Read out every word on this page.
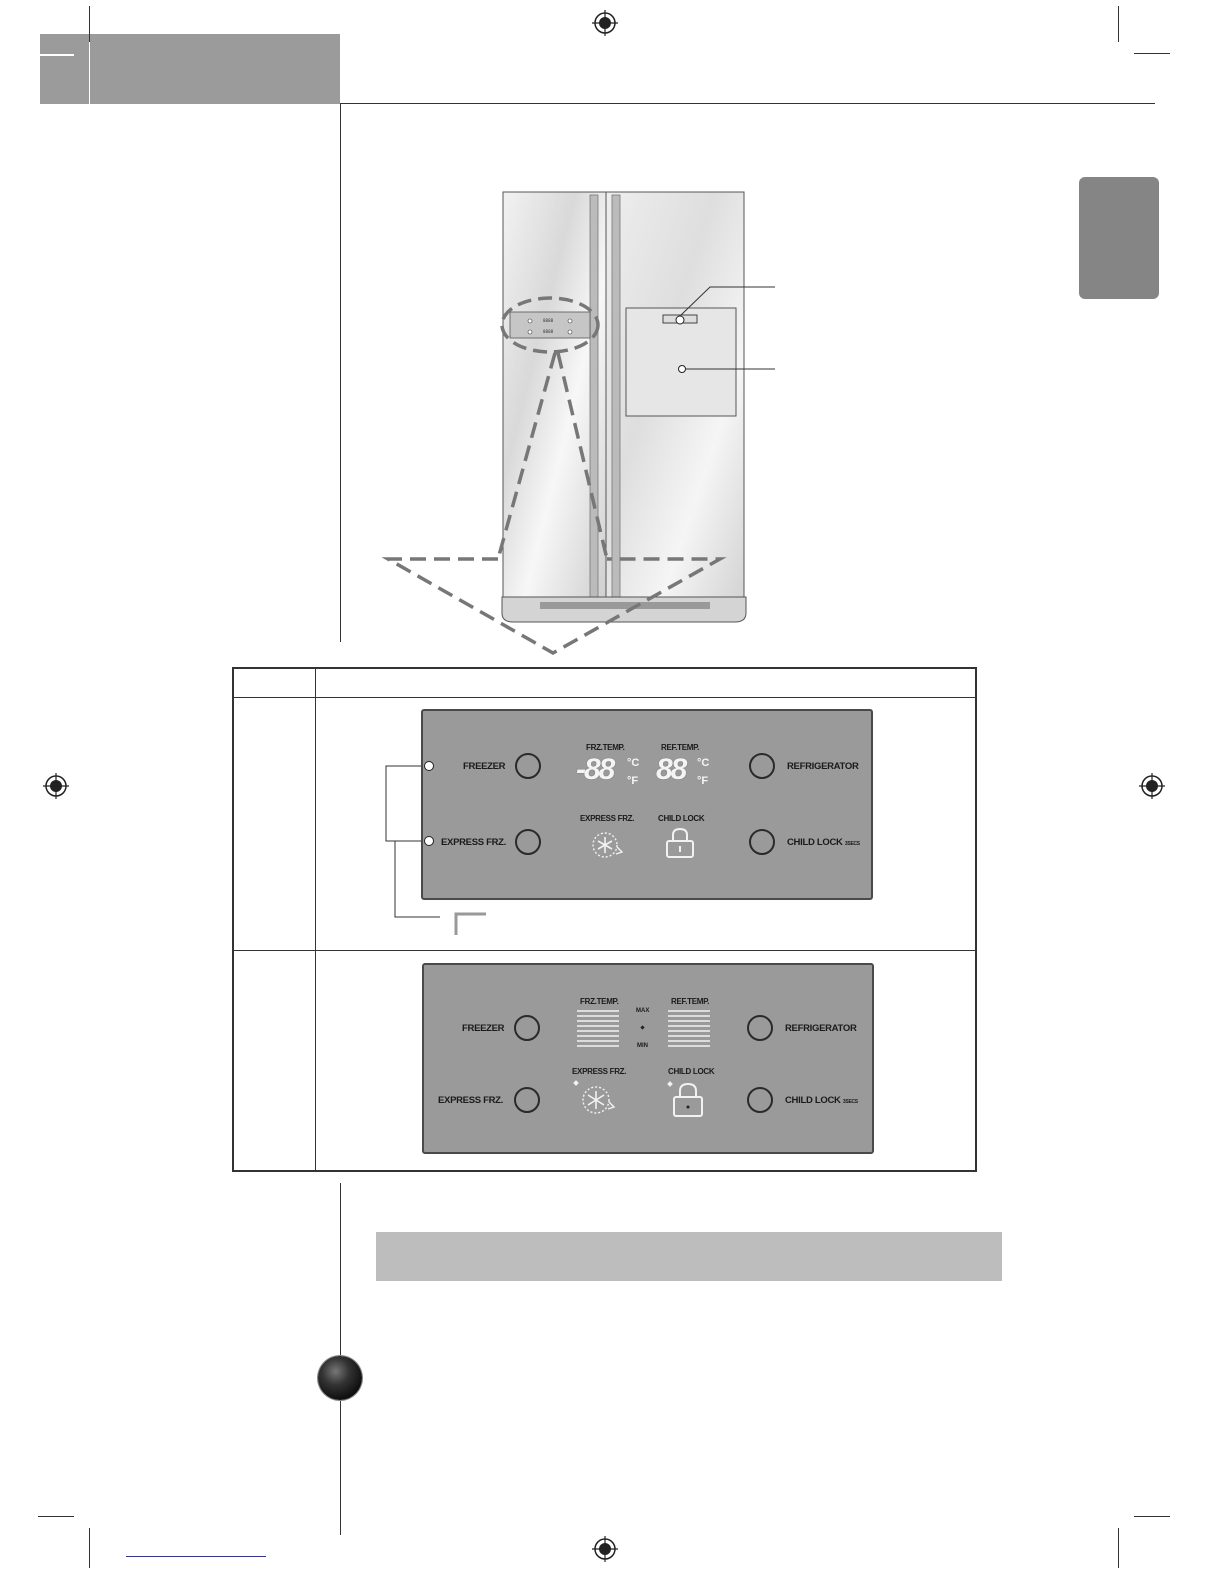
8888
8888
FREEZER
EXPRESS FRZ.
FRZ.TEMP.
-88 °C
°F
REF.TEMP.
88 °C
°F
EXPRESS FRZ.	CHILD LOCK
REFRIGERATOR
CHILD LOCK 3SECS
FREEZER
EXPRESS FRZ.
FRZ.TEMP.
MAX
MIN
REF.TEMP.
EXPRESS FRZ.	CHILD LOCK
REFRIGERATOR
CHILD LOCK 3SECS
